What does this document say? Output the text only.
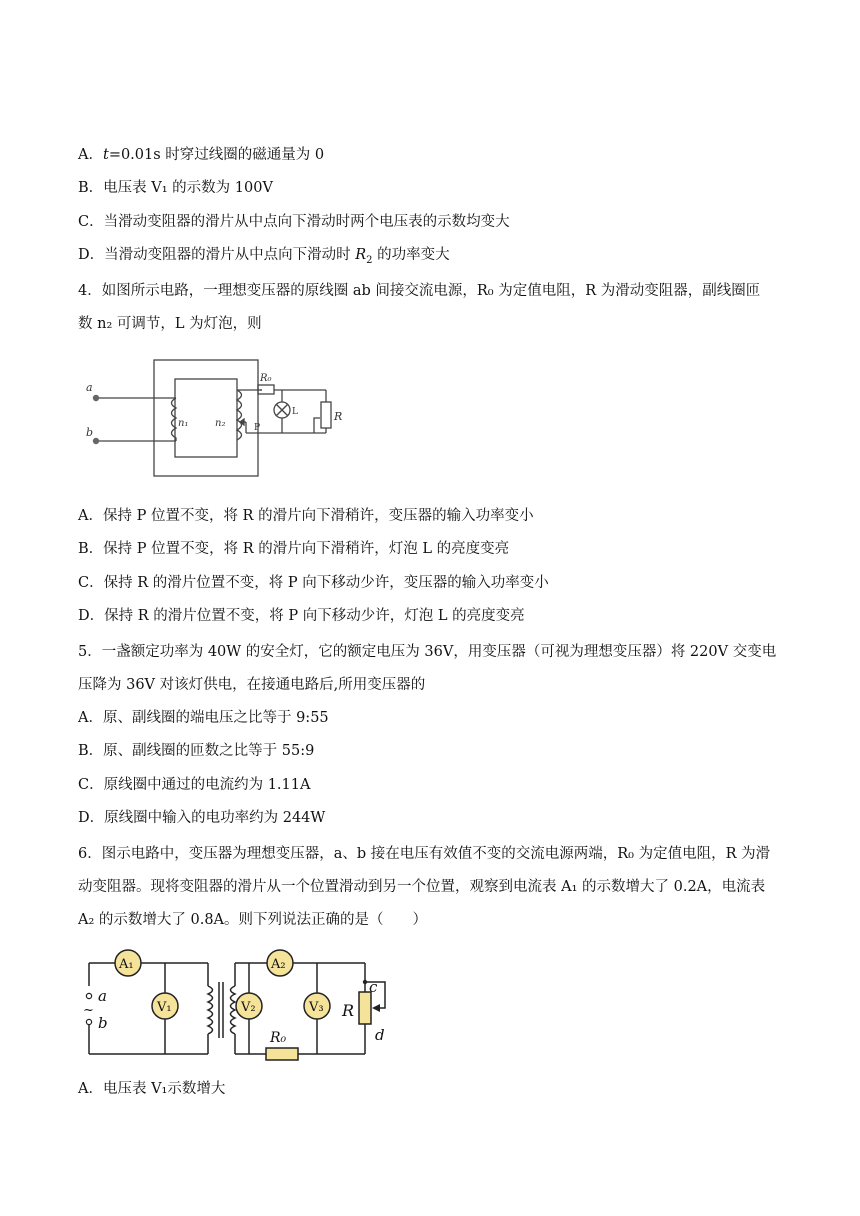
A．t=0.01s 时穿过线圈的磁通量为 0
B．电压表 V₁ 的示数为 100V
C．当滑动变阻器的滑片从中点向下滑动时两个电压表的示数均变大
D．当滑动变阻器的滑片从中点向下滑动时 $R_2$ 的功率变大
4．如图所示电路，一理想变压器的原线圈 ab 间接交流电源，R₀ 为定值电阻，R 为滑动变阻器，副线圈匝
数 n₂ 可调节，L 为灯泡，则
a
b
n₁	n₂
R₀
L	R
P
A．保持 P 位置不变，将 R 的滑片向下滑稍许，变压器的输入功率变小
B．保持 P 位置不变，将 R 的滑片向下滑稍许，灯泡 L 的亮度变亮
C．保持 R 的滑片位置不变，将 P 向下移动少许，变压器的输入功率变小
D．保持 R 的滑片位置不变，将 P 向下移动少许，灯泡 L 的亮度变亮
5．一盏额定功率为 40W 的安全灯，它的额定电压为 36V，用变压器（可视为理想变压器）将 220V 交变电
压降为 36V 对该灯供电，在接通电路后,所用变压器的
A．原、副线圈的端电压之比等于 9:55
B．原、副线圈的匝数之比等于 55:9
C．原线圈中通过的电流约为 1.11A
D．原线圈中输入的电功率约为 244W
6．图示电路中，变压器为理想变压器，a、b 接在电压有效值不变的交流电源两端，R₀ 为定值电阻，R 为滑
动变阻器。现将变阻器的滑片从一个位置滑动到另一个位置，观察到电流表 A₁ 的示数增大了 0.2A，电流表
A₂ 的示数增大了 0.8A。则下列说法正确的是（　　）
A₁	A₂
V₁	V₂	V₃
a
~
b
R₀
R
c
d
A．电压表 V₁示数增大
